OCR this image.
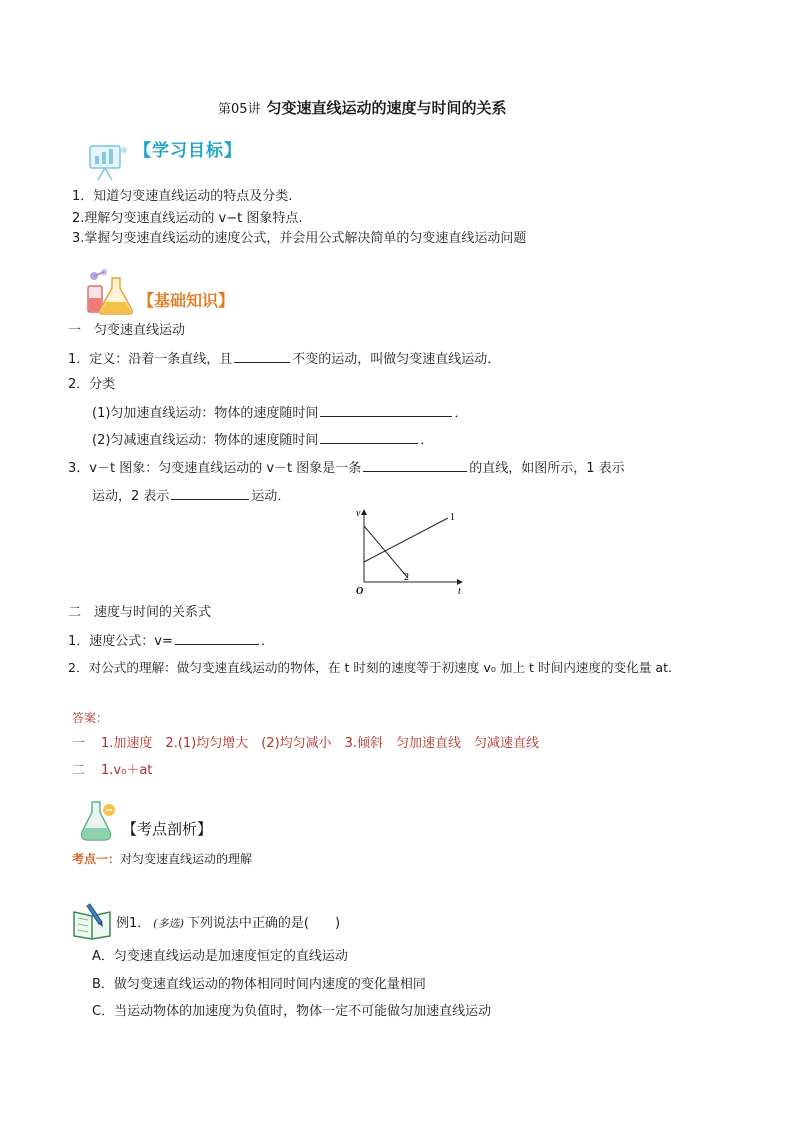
第05讲 匀变速直线运动的速度与时间的关系
【学习目标】
1．知道匀变速直线运动的特点及分类.
2.理解匀变速直线运动的 v−t 图象特点.
3.掌握匀变速直线运动的速度公式，并会用公式解决简单的匀变速直线运动问题
【基础知识】
一　匀变速直线运动
1．定义：沿着一条直线，且	不变的运动，叫做匀变速直线运动．
2．分类
(1)匀加速直线运动：物体的速度随时间	．
(2)匀减速直线运动：物体的速度随时间	．
3．v－t 图象：匀变速直线运动的 v－t 图象是一条	的直线，如图所示，1 表示
运动，2 表示	运动．
v
t
O
1
2
二　速度与时间的关系式
1．速度公式：v=	．
2．对公式的理解：做匀变速直线运动的物体，在 t 时刻的速度等于初速度 v₀ 加上 t 时间内速度的变化量 at.
答案：
一 1.加速度　2.(1)均匀增大　(2)均匀减小　3.倾斜　匀加速直线　匀减速直线
二 1.v₀＋at
【考点剖析】
考点一：对匀变速直线运动的理解
例1． (多选) 下列说法中正确的是(　　)
A．匀变速直线运动是加速度恒定的直线运动
B．做匀变速直线运动的物体相同时间内速度的变化量相同
C．当运动物体的加速度为负值时，物体一定不可能做匀加速直线运动
